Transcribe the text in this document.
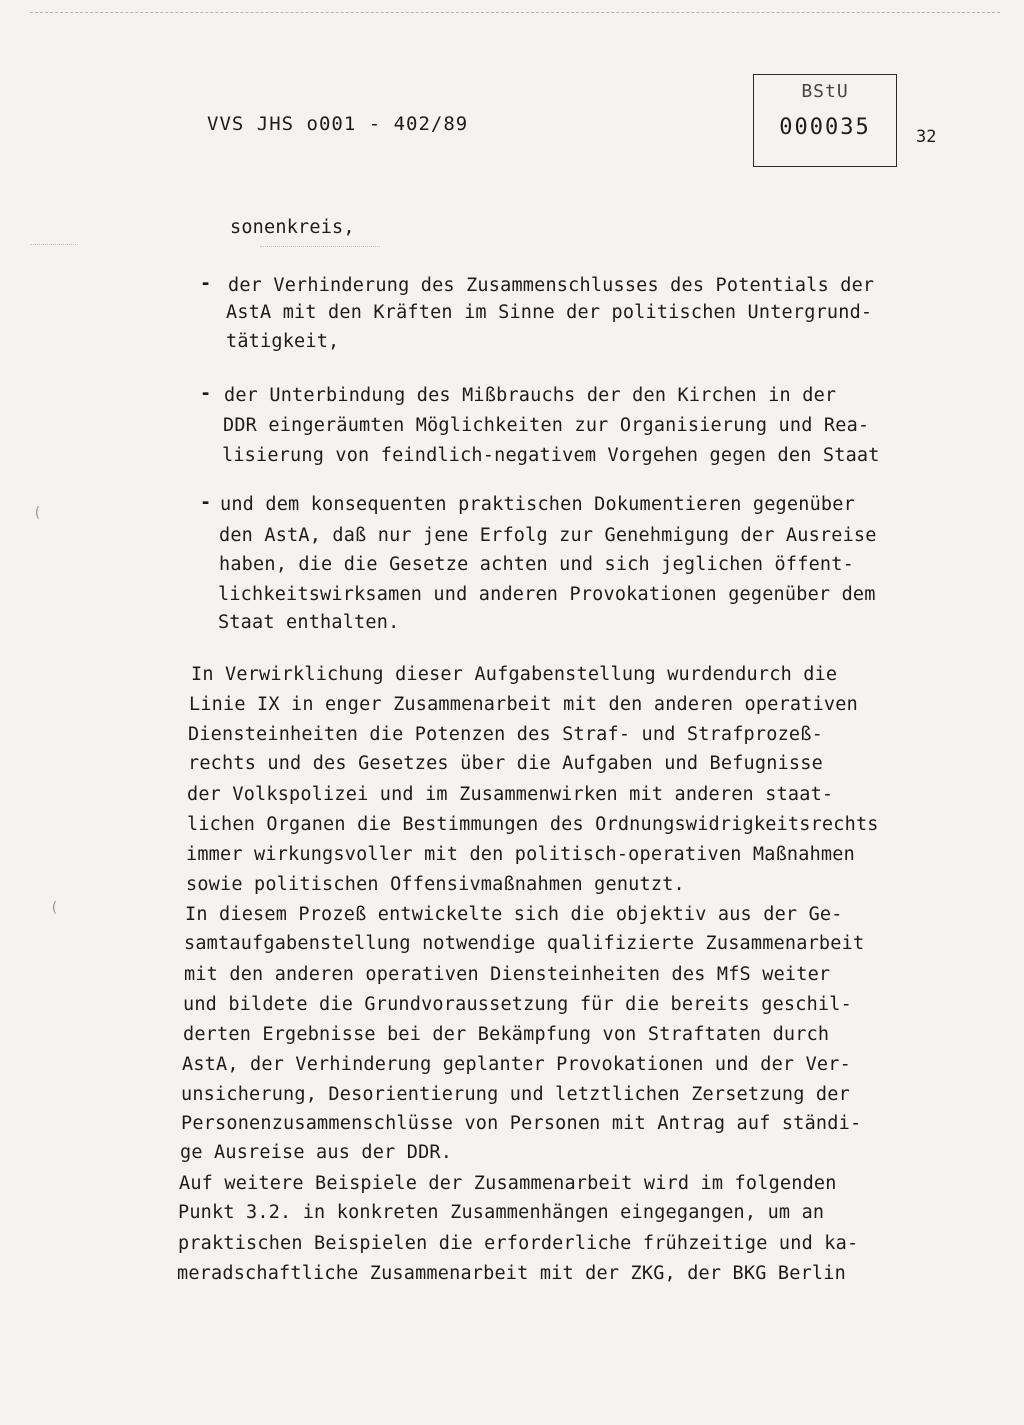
VVS JHS o001 - 402/89
BStU
000035	32
(
(
-
-
-
sonenkreis,
der Verhinderung des Zusammenschlusses des Potentials der
AstA mit den Kräften im Sinne der politischen Untergrund-
tätigkeit,
der Unterbindung des Mißbrauchs der den Kirchen in der
DDR eingeräumten Möglichkeiten zur Organisierung und Rea-
lisierung von feindlich-negativem Vorgehen gegen den Staat
und dem konsequenten praktischen Dokumentieren gegenüber
den AstA, daß nur jene Erfolg zur Genehmigung der Ausreise
haben, die die Gesetze achten und sich jeglichen öffent-
lichkeitswirksamen und anderen Provokationen gegenüber dem
Staat enthalten.
In Verwirklichung dieser Aufgabenstellung wurdendurch die
Linie IX in enger Zusammenarbeit mit den anderen operativen
Diensteinheiten die Potenzen des Straf- und Strafprozeß-
rechts und des Gesetzes über die Aufgaben und Befugnisse
der Volkspolizei und im Zusammenwirken mit anderen staat-
lichen Organen die Bestimmungen des Ordnungswidrigkeitsrechts
immer wirkungsvoller mit den politisch-operativen Maßnahmen
sowie politischen Offensivmaßnahmen genutzt.
In diesem Prozeß entwickelte sich die objektiv aus der Ge-
samtaufgabenstellung notwendige qualifizierte Zusammenarbeit
mit den anderen operativen Diensteinheiten des MfS weiter
und bildete die Grundvoraussetzung für die bereits geschil-
derten Ergebnisse bei der Bekämpfung von Straftaten durch
AstA, der Verhinderung geplanter Provokationen und der Ver-
unsicherung, Desorientierung und letztlichen Zersetzung der
Personenzusammenschlüsse von Personen mit Antrag auf ständi-
ge Ausreise aus der DDR.
Auf weitere Beispiele der Zusammenarbeit wird im folgenden
Punkt 3.2. in konkreten Zusammenhängen eingegangen, um an
praktischen Beispielen die erforderliche frühzeitige und ka-
meradschaftliche Zusammenarbeit mit der ZKG, der BKG Berlin
